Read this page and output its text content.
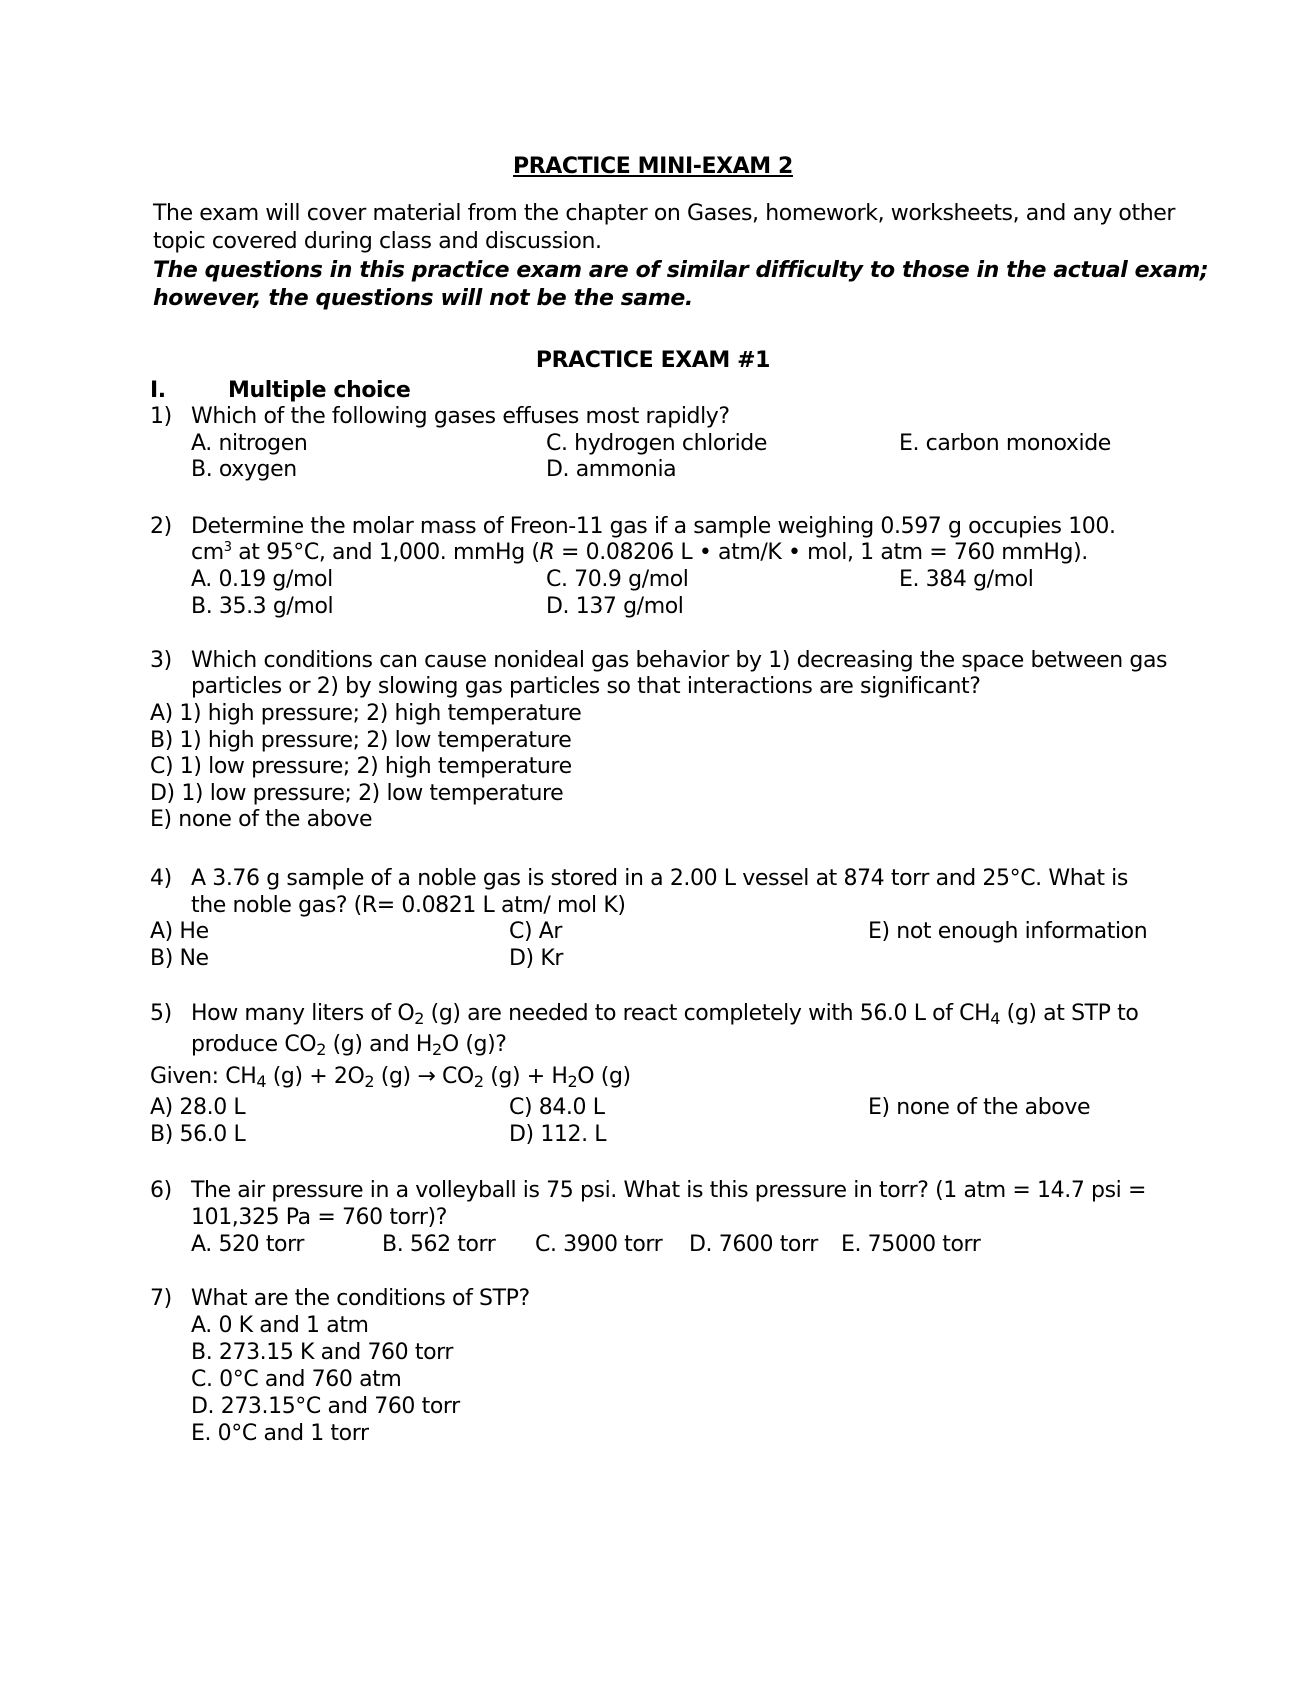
PRACTICE MINI-EXAM 2
The exam will cover material from the chapter on Gases, homework, worksheets, and any other
topic covered during class and discussion.
The questions in this practice exam are of similar difficulty to those in the actual exam;
however, the questions will not be the same.
PRACTICE EXAM #1
I.	Multiple choice
1) Which of the following gases effuses most rapidly?
A. nitrogen
B. oxygen
C. hydrogen chloride
D. ammonia
E. carbon monoxide
2) Determine the molar mass of Freon-11 gas if a sample weighing 0.597 g occupies 100.
$cm^3$ at 95°C, and 1,000. mmHg (R = 0.08206 L • atm/K • mol, 1 atm = 760 mmHg).
A. 0.19 g/mol
B. 35.3 g/mol
C. 70.9 g/mol
D. 137 g/mol
E. 384 g/mol
3) Which conditions can cause nonideal gas behavior by 1) decreasing the space between gas
particles or 2) by slowing gas particles so that interactions are significant?
A) 1) high pressure; 2) high temperature
B) 1) high pressure; 2) low temperature
C) 1) low pressure; 2) high temperature
D) 1) low pressure; 2) low temperature
E) none of the above
4) A 3.76 g sample of a noble gas is stored in a 2.00 L vessel at 874 torr and 25°C. What is
the noble gas? (R= 0.0821 L atm/ mol K)
A) He
B) Ne
C) Ar
D) Kr
E) not enough information
5) How many liters of $O_2$ (g) are needed to react completely with 56.0 L of $CH_4$ (g) at STP to
produce $CO_2$ (g) and $H_2O$ (g)?
Given: $CH_4$ $(g) + 2O_2$ $(g) \to CO_2$ $(g) + H_2O$ (g)
A) 28.0 L
B) 56.0 L
C) 84.0 L
D) 112. L
E) none of the above
6) The air pressure in a volleyball is 75 psi. What is this pressure in torr? (1 atm = 14.7 psi =
101,325 Pa = 760 torr)?
A. 520 torr	B. 562 torr C. 3900 torr D. 7600 torr E. 75000 torr
7) What are the conditions of STP?
A. 0 K and 1 atm
B. 273.15 K and 760 torr
C. 0°C and 760 atm
D. 273.15°C and 760 torr
E. 0°C and 1 torr
